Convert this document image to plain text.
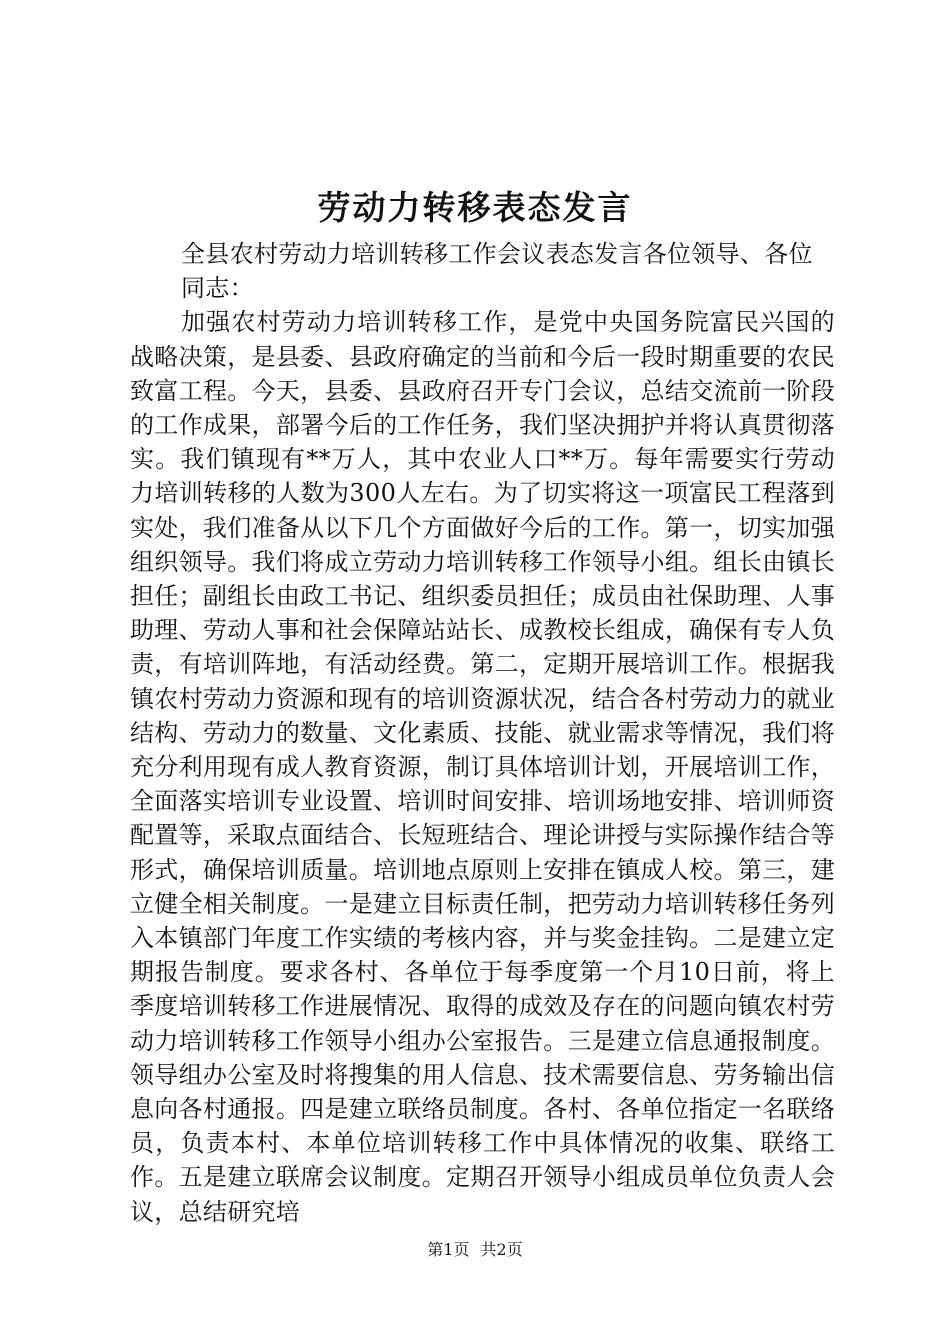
劳动力转移表态发言

全县农村劳动力培训转移工作会议表态发言各位领导、各位

同志：

加强农村劳动力培训转移工作，是党中央国务院富民兴国的战略决策，是县委、县政府确定的当前和今后一段时期重要的农民致富工程。今天，县委、县政府召开专门会议，总结交流前一阶段的工作成果，部署今后的工作任务，我们坚决拥护并将认真贯彻落实。我们镇现有**万人，其中农业人口**万。每年需要实行劳动力培训转移的人数为300人左右。为了切实将这一项富民工程落到实处，我们准备从以下几个方面做好今后的工作。第一，切实加强组织领导。我们将成立劳动力培训转移工作领导小组。组长由镇长担任；副组长由政工书记、组织委员担任；成员由社保助理、人事助理、劳动人事和社会保障站站长、成教校长组成，确保有专人负责，有培训阵地，有活动经费。第二，定期开展培训工作。根据我镇农村劳动力资源和现有的培训资源状况，结合各村劳动力的就业结构、劳动力的数量、文化素质、技能、就业需求等情况，我们将充分利用现有成人教育资源，制订具体培训计划，开展培训工作，全面落实培训专业设置、培训时间安排、培训场地安排、培训师资配置等，采取点面结合、长短班结合、理论讲授与实际操作结合等形式，确保培训质量。培训地点原则上安排在镇成人校。第三，建立健全相关制度。一是建立目标责任制，把劳动力培训转移任务列入本镇部门年度工作实绩的考核内容，并与奖金挂钩。二是建立定期报告制度。要求各村、各单位于每季度第一个月10日前，将上季度培训转移工作进展情况、取得的成效及存在的问题向镇农村劳动力培训转移工作领导小组办公室报告。三是建立信息通报制度。领导组办公室及时将搜集的用人信息、技术需要信息、劳务输出信息向各村通报。四是建立联络员制度。各村、各单位指定一名联络员，负责本村、本单位培训转移工作中具体情况的收集、联络工作。五是建立联席会议制度。定期召开领导小组成员单位负责人会议，总结研究培

第1页 共2页
